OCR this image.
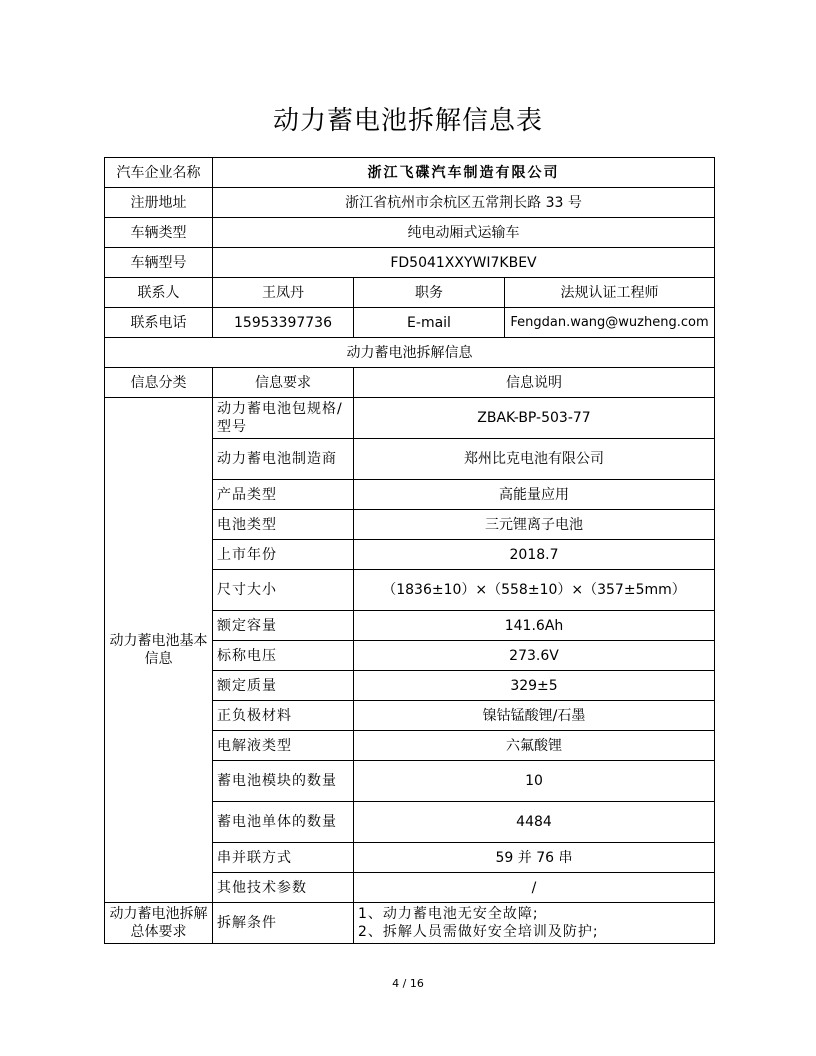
动力蓄电池拆解信息表
汽车企业名称	浙江飞碟汽车制造有限公司		
注册地址	浙江省杭州市余杭区五常荆长路 33 号		
车辆类型	纯电动厢式运输车		
车辆型号	FD5041XXYWI7KBEV		
联系人	王凤丹	职务	法规认证工程师
联系电话	15953397736	E-mail	Fengdan.wang@wuzheng.com
动力蓄电池拆解信息			
信息分类	信息要求	信息说明	
动力蓄电池基本信息	动力蓄电池包规格/型号	ZBAK-BP-503-77	
	动力蓄电池制造商	郑州比克电池有限公司	
	产品类型	高能量应用	
	电池类型	三元锂离子电池	
	上市年份	2018.7	
	尺寸大小	（1836±10）×（558±10）×（357±5mm）	
	额定容量	141.6Ah	
	标称电压	273.6V	
	额定质量	329±5	
	正负极材料	镍钴锰酸锂/石墨	
	电解液类型	六氟酸锂	
	蓄电池模块的数量	10	
	蓄电池单体的数量	4484	
	串并联方式	59 并 76 串	
	其他技术参数	/	
动力蓄电池拆解总体要求	拆解条件	1、动力蓄电池无安全故障;
2、拆解人员需做好安全培训及防护;	
4 / 16
